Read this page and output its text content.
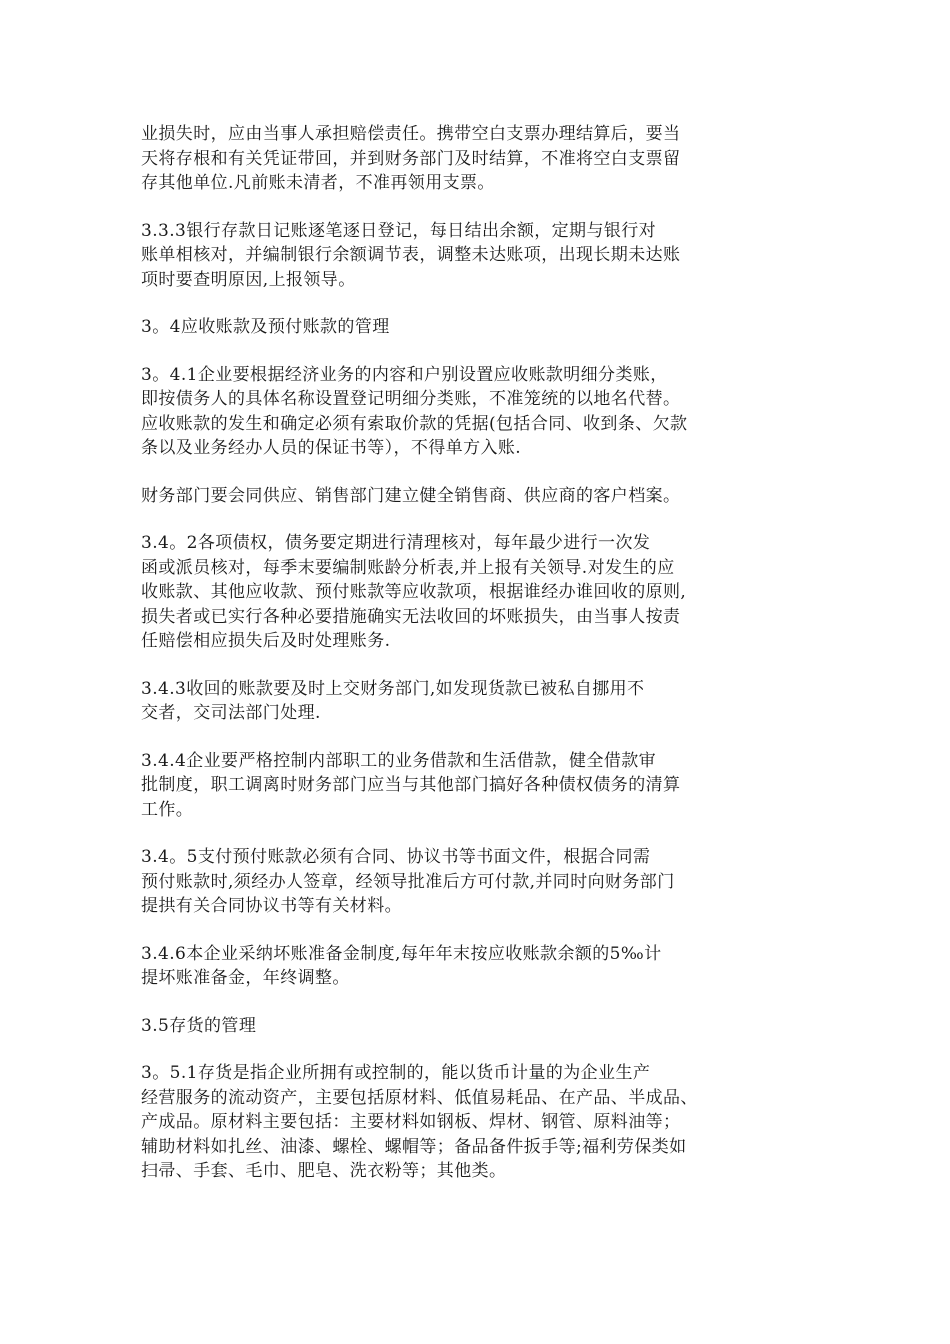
业损失时，应由当事人承担赔偿责任。携带空白支票办理结算后，要当
天将存根和有关凭证带回，并到财务部门及时结算，不准将空白支票留
存其他单位.凡前账未清者，不准再领用支票。

3.3.3银行存款日记账逐笔逐日登记，每日结出余额，定期与银行对
账单相核对，并编制银行余额调节表，调整未达账项，出现长期未达账
项时要查明原因,上报领导。

3。4应收账款及预付账款的管理

3。4.1企业要根据经济业务的内容和户别设置应收账款明细分类账，
即按债务人的具体名称设置登记明细分类账，不准笼统的以地名代替。
应收账款的发生和确定必须有索取价款的凭据(包括合同、收到条、欠款
条以及业务经办人员的保证书等），不得单方入账.

财务部门要会同供应、销售部门建立健全销售商、供应商的客户档案。

3.4。2各项债权，债务要定期进行清理核对，每年最少进行一次发
函或派员核对，每季末要编制账龄分析表,并上报有关领导.对发生的应
收账款、其他应收款、预付账款等应收款项，根据谁经办谁回收的原则,
损失者或已实行各种必要措施确实无法收回的坏账损失，由当事人按责
任赔偿相应损失后及时处理账务.

3.4.3收回的账款要及时上交财务部门,如发现货款已被私自挪用不
交者，交司法部门处理.

3.4.4企业要严格控制内部职工的业务借款和生活借款，健全借款审
批制度，职工调离时财务部门应当与其他部门搞好各种债权债务的清算
工作。

3.4。5支付预付账款必须有合同、协议书等书面文件，根据合同需
预付账款时,须经办人签章，经领导批准后方可付款,并同时向财务部门
提拱有关合同协议书等有关材料。

3.4.6本企业采纳坏账准备金制度,每年年末按应收账款余额的5‰计
提坏账准备金，年终调整。

3.5存货的管理

3。5.1存货是指企业所拥有或控制的，能以货币计量的为企业生产
经营服务的流动资产，主要包括原材料、低值易耗品、在产品、半成品、
产成品。原材料主要包括：主要材料如钢板、焊材、钢管、原料油等；
辅助材料如扎丝、油漆、螺栓、螺帽等；备品备件扳手等;福利劳保类如
扫帚、手套、毛巾、肥皂、洗衣粉等；其他类。
